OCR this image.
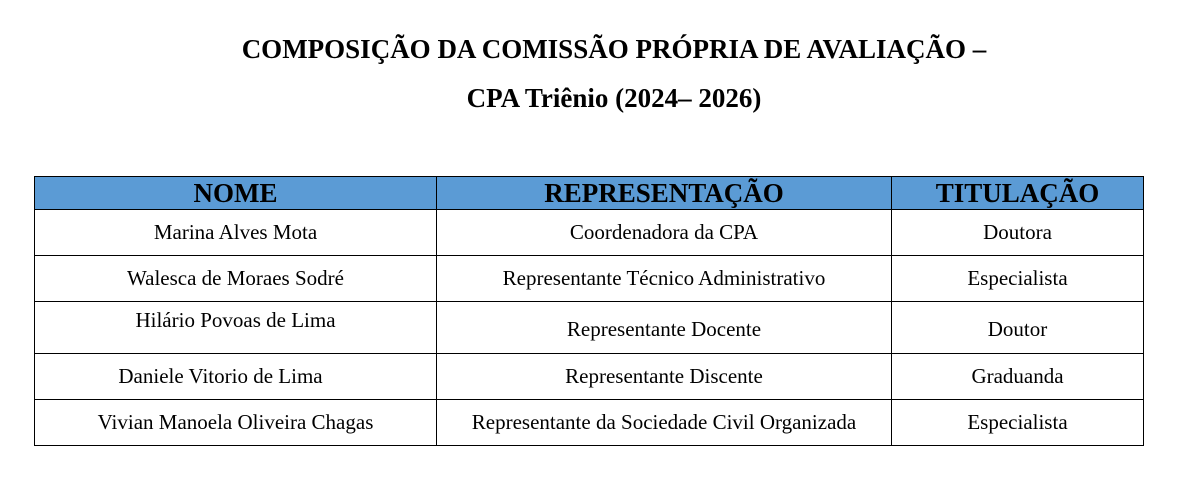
COMPOSIÇÃO DA COMISSÃO PRÓPRIA DE AVALIAÇÃO –
CPA Triênio (2024– 2026)
NOME	REPRESENTAÇÃO	TITULAÇÃO
Marina Alves Mota	Coordenadora da CPA	Doutora
Walesca de Moraes Sodré	Representante Técnico Administrativo	Especialista
Hilário Povoas de Lima	Representante Docente	Doutor
Daniele Vitorio de Lima	Representante Discente	Graduanda
Vivian Manoela Oliveira Chagas	Representante da Sociedade Civil Organizada	Especialista
